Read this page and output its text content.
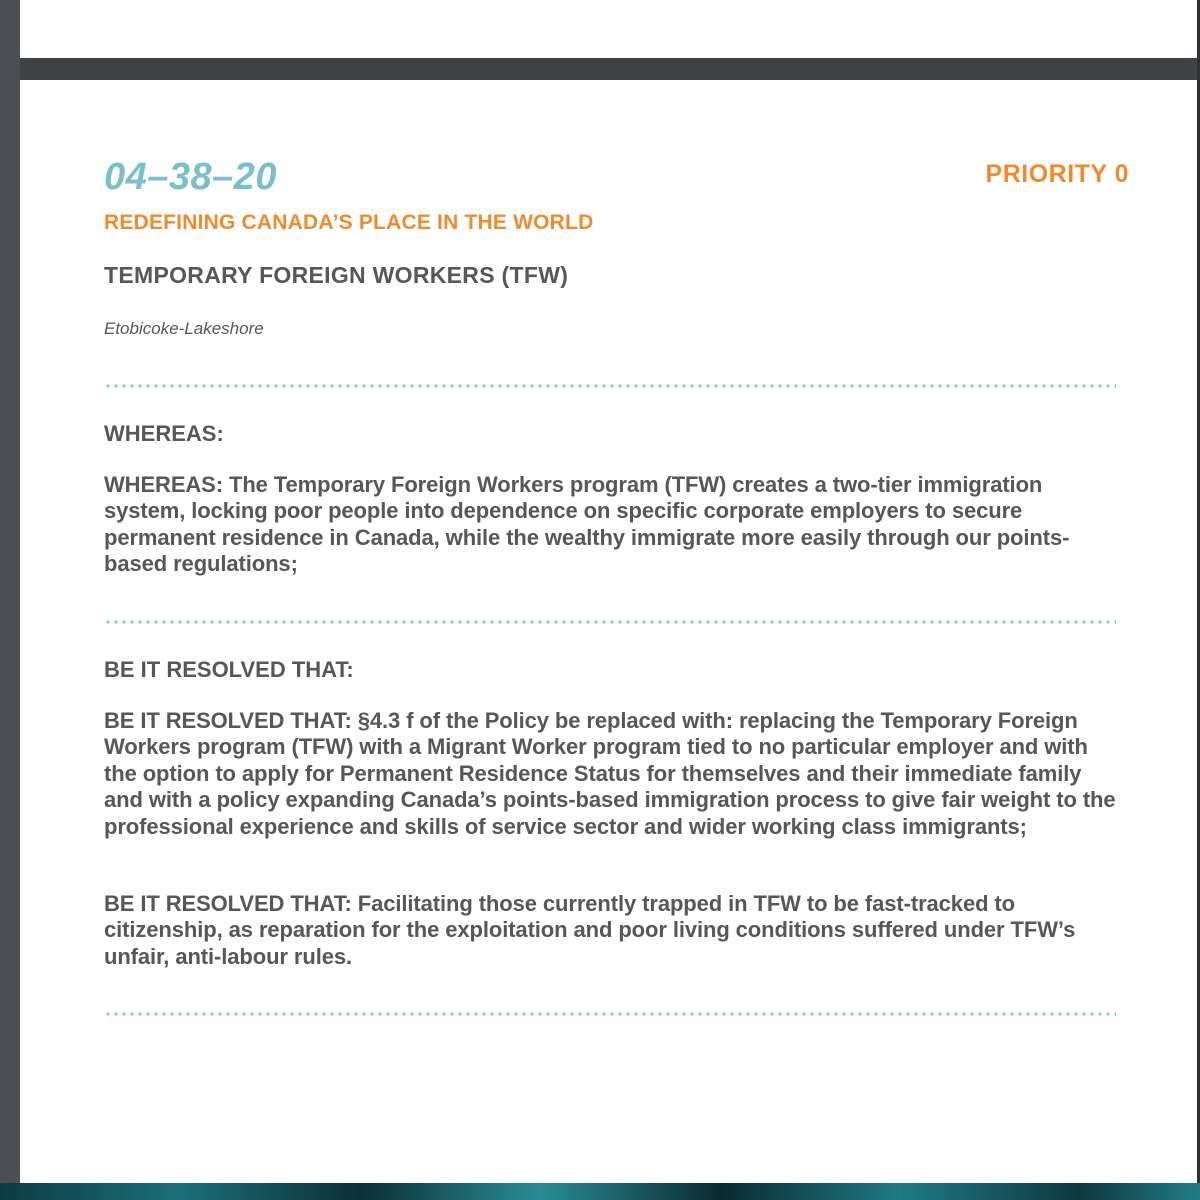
04–38–20	PRIORITY 0
REDEFINING CANADA’S PLACE IN THE WORLD
TEMPORARY FOREIGN WORKERS (TFW)
Etobicoke-Lakeshore
WHEREAS:
WHEREAS: The Temporary Foreign Workers program (TFW) creates a two-tier immigration system, locking poor people into dependence on specific corporate employers to secure permanent residence in Canada, while the wealthy immigrate more easily through our points-based regulations;
BE IT RESOLVED THAT:
BE IT RESOLVED THAT: §4.3 f of the Policy be replaced with: replacing the Temporary Foreign Workers program (TFW) with a Migrant Worker program tied to no particular employer and with the option to apply for Permanent Residence Status for themselves and their immediate family and with a policy expanding Canada’s points-based immigration process to give fair weight to the professional experience and skills of service sector and wider working class immigrants;
BE IT RESOLVED THAT: Facilitating those currently trapped in TFW to be fast-tracked to citizenship, as reparation for the exploitation and poor living conditions suffered under TFW’s unfair, anti-labour rules.
